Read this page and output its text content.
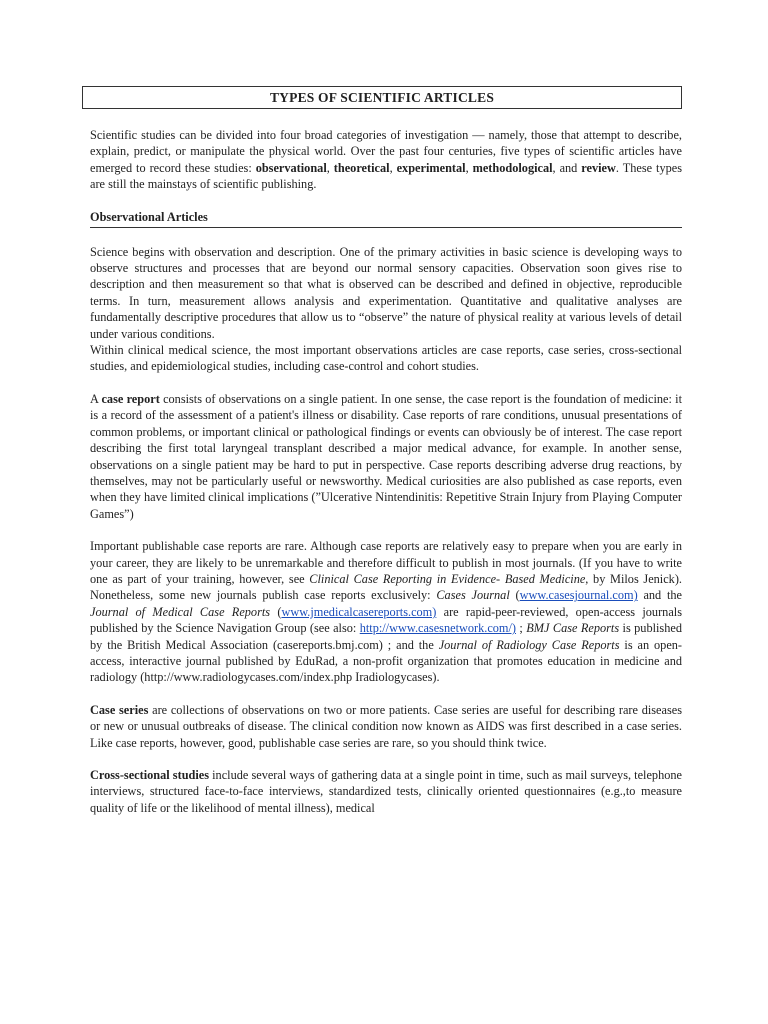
TYPES OF SCIENTIFIC ARTICLES

Scientific studies can be divided into four broad categories of investigation — namely, those that attempt to describe, explain, predict, or manipulate the physical world. Over the past four centuries, five types of scientific articles have emerged to record these studies: observational, theoretical, experimental, methodological, and review. These types are still the mainstays of scientific publishing.

Observational Articles

Science begins with observation and description. One of the primary activities in basic science is developing ways to observe structures and processes that are beyond our normal sensory capacities. Observation soon gives rise to description and then measurement so that what is observed can be described and defined in objective, reproducible terms. In turn, measurement allows analysis and experimentation. Quantitative and qualitative analyses are fundamentally descriptive procedures that allow us to “observe” the nature of physical reality at various levels of detail under various conditions.

Within clinical medical science, the most important observations articles are case reports, case series, cross-sectional studies, and epidemiological studies, including case-control and cohort studies.

A case report consists of observations on a single patient. In one sense, the case report is the foundation of medicine: it is a record of the assessment of a patient's illness or disability. Case reports of rare conditions, unusual presentations of common problems, or important clinical or pathological findings or events can obviously be of interest. The case report describing the first total laryngeal transplant described a major medical advance, for example. In another sense, observations on a single patient may be hard to put in perspective. Case reports describing adverse drug reactions, by themselves, may not be particularly useful or newsworthy. Medical curiosities are also published as case reports, even when they have limited clinical implications (”Ulcerative Nintendinitis: Repetitive Strain Injury from Playing Computer Games”)

Important publishable case reports are rare. Although case reports are relatively easy to prepare when you are early in your career, they are likely to be unremarkable and therefore difficult to publish in most journals. (If you have to write one as part of your training, however, see Clinical Case Reporting in Evidence- Based Medicine, by Milos Jenick). Nonetheless, some new journals publish case reports exclusively: Cases Journal (www.casesjournal.com) and the Journal of Medical Case Reports (www.jmedicalcasereports.com) are rapid-peer-reviewed, open-access journals published by the Science Navigation Group (see also: http://www.casesnetwork.com/) ; BMJ Case Reports is published by the British Medical Association (casereports.bmj.com) ; and the Journal of Radiology Case Reports is an open-access, interactive journal published by EduRad, a non-profit organization that promotes education in medicine and radiology (http://www.radiologycases.com/index.php Iradiologycases).

Case series are collections of observations on two or more patients. Case series are useful for describing rare diseases or new or unusual outbreaks of disease. The clinical condition now known as AIDS was first described in a case series. Like case reports, however, good, publishable case series are rare, so you should think twice.

Cross-sectional studies include several ways of gathering data at a single point in time, such as mail surveys, telephone interviews, structured face-to-face interviews, standardized tests, clinically oriented questionnaires (e.g.,to measure quality of life or the likelihood of mental illness), medical
